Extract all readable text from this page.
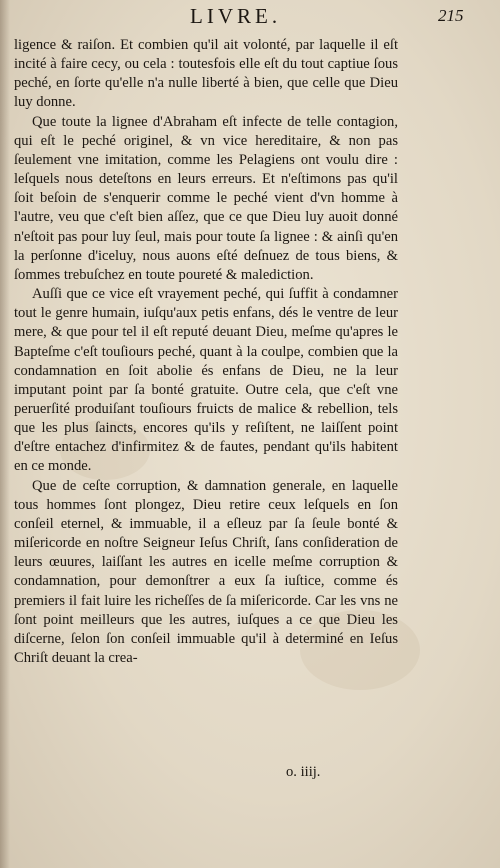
LIVRE.	215

ligence & raiſon. Et combien qu'il ait volonté, par laquelle il eſt incité à faire cecy, ou cela : toutesfois elle eſt du tout captiue ſous peché, en ſorte qu'elle n'a nulle liberté à bien, que celle que Dieu luy donne.

Que toute la lignee d'Abraham eſt infecte de telle contagion, qui eſt le peché originel, & vn vice hereditaire, & non pas ſeulement vne imitation, comme les Pelagiens ont voulu dire : leſquels nous deteſtons en leurs erreurs. Et n'eſtimons pas qu'il ſoit beſoin de s'enquerir comme le peché vient d'vn homme à l'autre, veu que c'eſt bien aſſez, que ce que Dieu luy auoit donné n'eſtoit pas pour luy ſeul, mais pour toute ſa lignee : & ainſi qu'en la perſonne d'iceluy, nous auons eſté deſnuez de tous biens, & ſommes trebuſchez en toute poureté & malediction.

Auſſi que ce vice eſt vrayement peché, qui ſuffit à condamner tout le genre humain, iuſqu'aux petis enfans, dés le ventre de leur mere, & que pour tel il eſt reputé deuant Dieu, meſme qu'apres le Bapteſme c'eſt touſiours peché, quant à la coulpe, combien que la condamnation en ſoit abolie és enfans de Dieu, ne la leur imputant point par ſa bonté gratuite. Outre cela, que c'eſt vne peruerſité produiſant touſiours fruicts de malice & rebellion, tels que les plus ſaincts, encores qu'ils y reſiſtent, ne laiſſent point d'eſtre entachez d'infirmitez & de fautes, pendant qu'ils habitent en ce monde.

Que de ceſte corruption, & damnation generale, en laquelle tous hommes ſont plongez, Dieu retire ceux leſquels en ſon conſeil eternel, & immuable, il a eſleuz par ſa ſeule bonté & miſericorde en noſtre Seigneur Ieſus Chriſt, ſans conſideration de leurs œuures, laiſſant les autres en icelle meſme corruption & condamnation, pour demonſtrer a eux ſa iuſtice, comme és premiers il fait luire les richeſſes de ſa miſericorde. Car les vns ne ſont point meilleurs que les autres, iuſques a ce que Dieu les diſcerne, ſelon ſon conſeil immuable qu'il à determiné en Ieſus Chriſt deuant la crea-

o. iiij.
